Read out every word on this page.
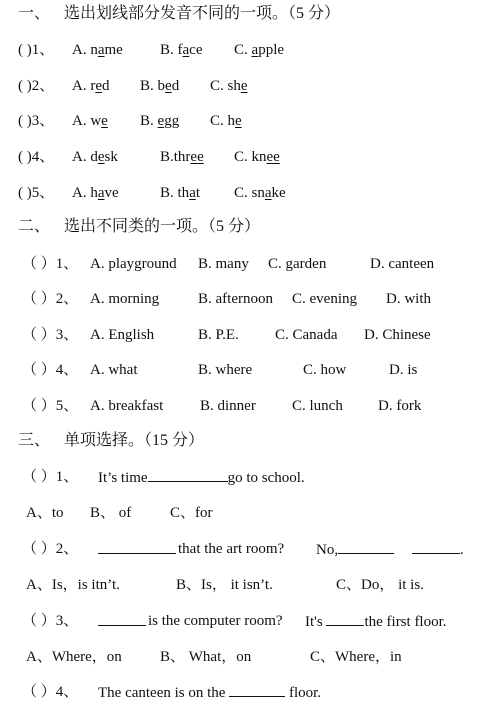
一、 选出划线部分发音不同的一项。（5 分）
( )1、 A. name B. face C. apple
( )2、 A. red B. bed C. she
( )3、 A. we B. egg C. he
( )4、 A. desk	B.three C. knee
( )5、 A. have	B. that C. snake
二、 选出不同类的一项。（5 分）
（ ）1、 A. playground B. many C. garden	D. canteen
（ ）2、 A. morning	B. afternoon C. evening D. with
（ ）3、 A. English	B. P.E. C. Canada D. Chinese
（ ）4、 A. what	B. where	C. how	D. is
（ ）5、 A. breakfast B. dinner C. lunch D. fork
三、 单项选择。（15 分）
（ ）1、 It’s time	go to school.
A、to B、 of	C、for
（ ）2、	that the art room? No,	.
A、Is，is itn’t.	B、Is， it isn’t.	C、Do， it is.
（ ）3、	is the computer room? It's	the first floor.
A、Where，on	B、 What，on	C、Where，in
（ ）4、 The canteen is on the	floor.
